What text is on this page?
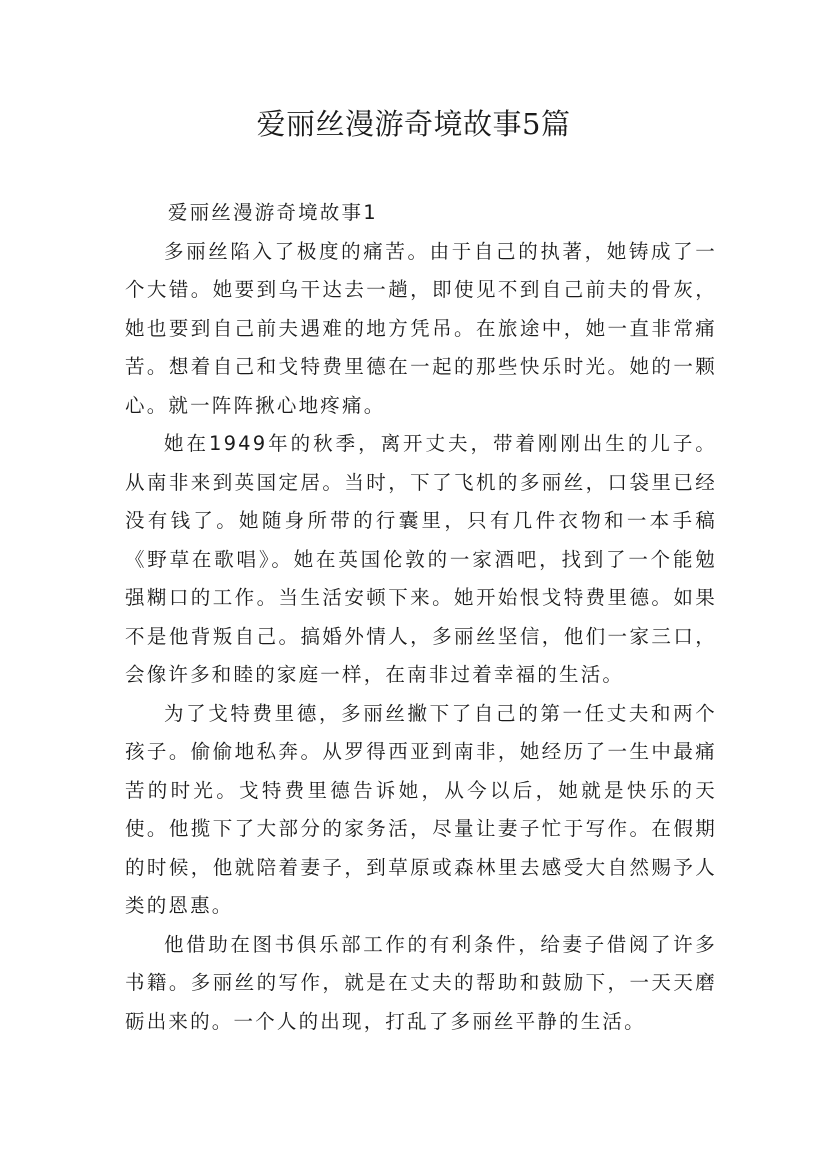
爱丽丝漫游奇境故事5篇

爱丽丝漫游奇境故事1

多丽丝陷入了极度的痛苦。由于自己的执著，她铸成了一个大错。她要到乌干达去一趟，即使见不到自己前夫的骨灰，她也要到自己前夫遇难的地方凭吊。在旅途中，她一直非常痛苦。想着自己和戈特费里德在一起的那些快乐时光。她的一颗心。就一阵阵揪心地疼痛。

她在1949年的秋季，离开丈夫，带着刚刚出生的儿子。从南非来到英国定居。当时，下了飞机的多丽丝，口袋里已经没有钱了。她随身所带的行囊里，只有几件衣物和一本手稿《野草在歌唱》。她在英国伦敦的一家酒吧，找到了一个能勉强糊口的工作。当生活安顿下来。她开始恨戈特费里德。如果不是他背叛自己。搞婚外情人，多丽丝坚信，他们一家三口，会像许多和睦的家庭一样，在南非过着幸福的生活。

为了戈特费里德，多丽丝撇下了自己的第一任丈夫和两个孩子。偷偷地私奔。从罗得西亚到南非，她经历了一生中最痛苦的时光。戈特费里德告诉她，从今以后，她就是快乐的天使。他揽下了大部分的家务活，尽量让妻子忙于写作。在假期的时候，他就陪着妻子，到草原或森林里去感受大自然赐予人类的恩惠。

他借助在图书俱乐部工作的有利条件，给妻子借阅了许多书籍。多丽丝的写作，就是在丈夫的帮助和鼓励下，一天天磨砺出来的。一个人的出现，打乱了多丽丝平静的生活。
